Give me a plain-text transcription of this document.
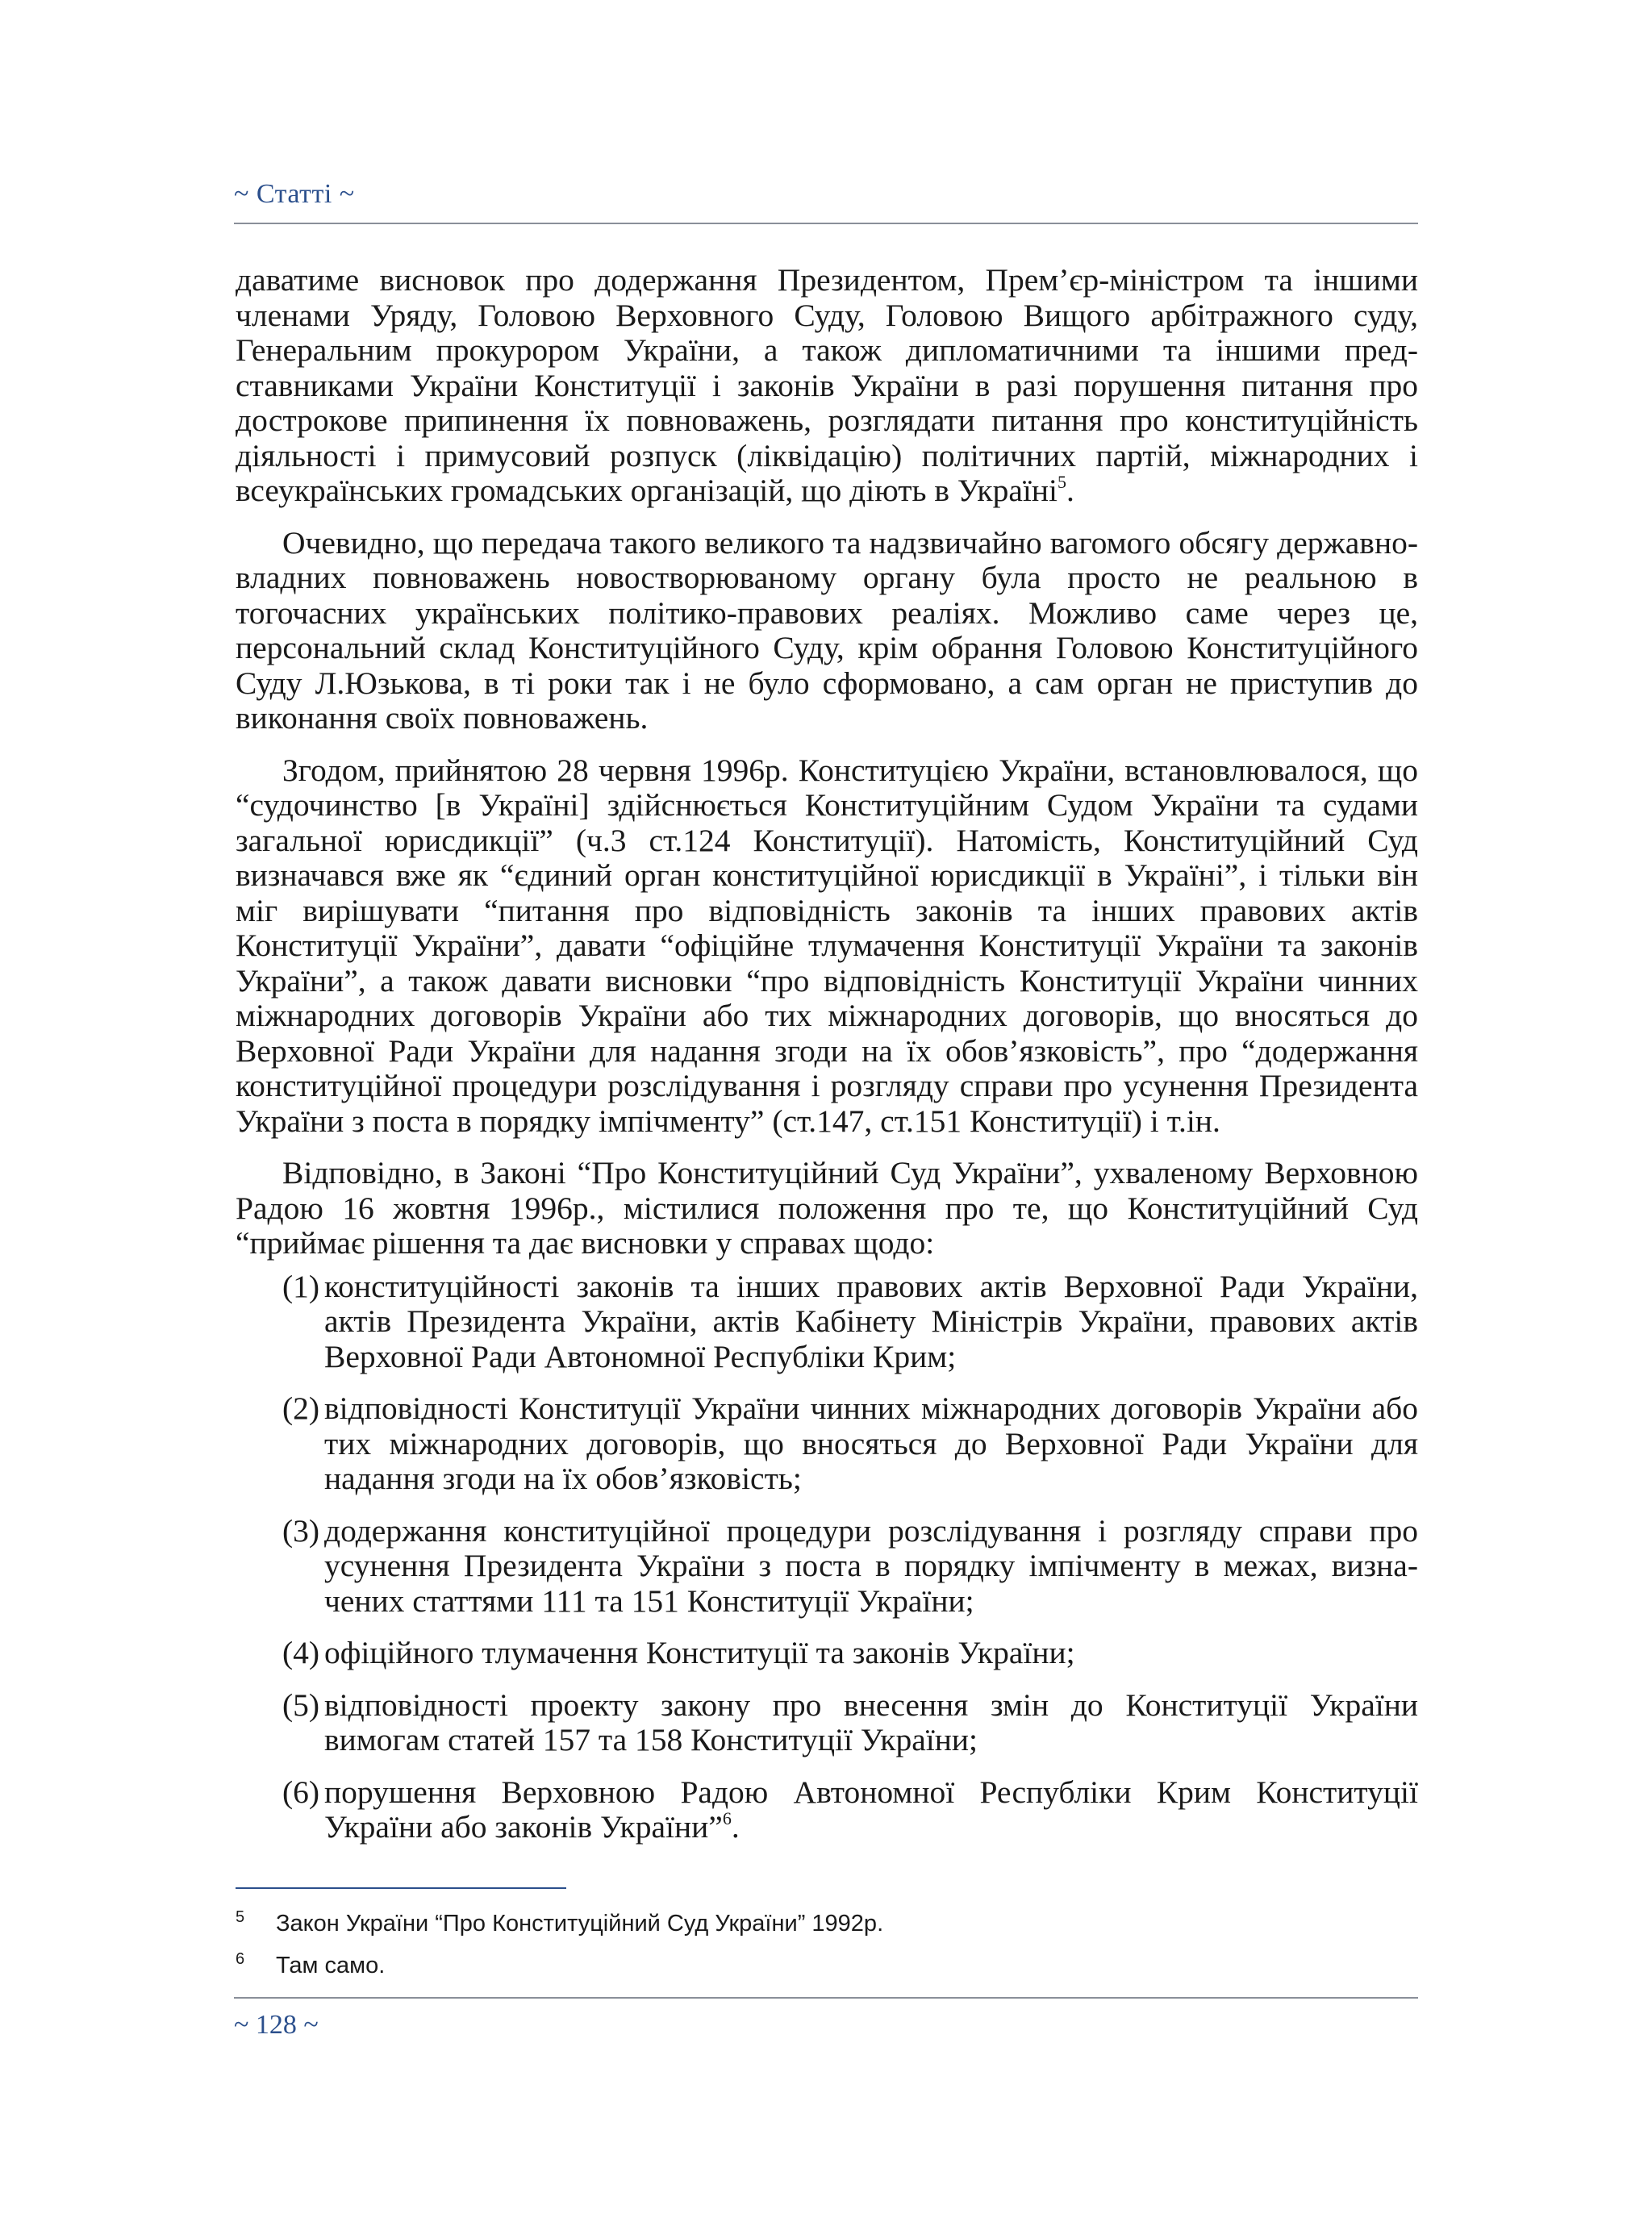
~ Статті ~

даватиме висновок про додержання Президентом, Прем’єр-міністром та іншими членами Уряду, Головою Верховного Суду, Головою Вищого арбітражного суду, Генеральним прокурором України, а також дипломатичними та іншими представниками України Конституції і законів України в разі порушення питання про дострокове припинення їх повноважень, розглядати питання про конституційність діяльності і примусовий розпуск (ліквідацію) політичних партій, міжнародних і всеукраїнських громадських організацій, що діють в Україні$^5$.

Очевидно, що передача такого великого та надзвичайно вагомого обсягу державно-владних повноважень новостворюваному органу була просто не реальною в тогочасних українських політико-правових реаліях. Можливо саме через це, персональний склад Конституційного Суду, крім обрання Головою Конституційного Суду Л.Юзькова, в ті роки так і не було сформовано, а сам орган не приступив до виконання своїх повноважень.

Згодом, прийнятою 28 червня 1996р. Конституцією України, встановлювалося, що “судочинство [в Україні] здійснюється Конституційним Судом України та судами загальної юрисдикції” (ч.3 ст.124 Конституції). Натомість, Конституційний Суд визначався вже як “єдиний орган конституційної юрисдикції в Україні”, і тільки він міг вирішувати “питання про відповідність законів та інших правових актів Конституції України”, давати “офіційне тлумачення Конституції України та законів України”, а також давати висновки “про відповідність Конституції України чинних міжнародних договорів України або тих міжнародних договорів, що вносяться до Верховної Ради України для надання згоди на їх обов’язковість”, про “додержання конституційної процедури розслідування і розгляду справи про усунення Президента України з поста в порядку імпічменту” (ст.147, ст.151 Конституції) і т.ін.

Відповідно, в Законі “Про Конституційний Суд України”, ухваленому Верховною Радою 16 жовтня 1996р., містилися положення про те, що Конституційний Суд “приймає рішення та дає висновки у справах щодо:

(1) конституційності законів та інших правових актів Верховної Ради України, актів Президента України, актів Кабінету Міністрів України, правових актів Верховної Ради Автономної Республіки Крим;
(2) відповідності Конституції України чинних міжнародних договорів України або тих міжнародних договорів, що вносяться до Верховної Ради України для надання згоди на їх обов’язковість;
(3) додержання конституційної процедури розслідування і розгляду справи про усунення Президента України з поста в порядку імпічменту в межах, визначених статтями 111 та 151 Конституції України;
(4) офіційного тлумачення Конституції та законів України;
(5) відповідності проекту закону про внесення змін до Конституції України вимогам статей 157 та 158 Конституції України;
(6) порушення Верховною Радою Автономної Республіки Крим Конституції України або законів України”$^6$.
5 Закон України “Про Конституційний Суд України” 1992р.
6 Там само.
~ 128 ~
